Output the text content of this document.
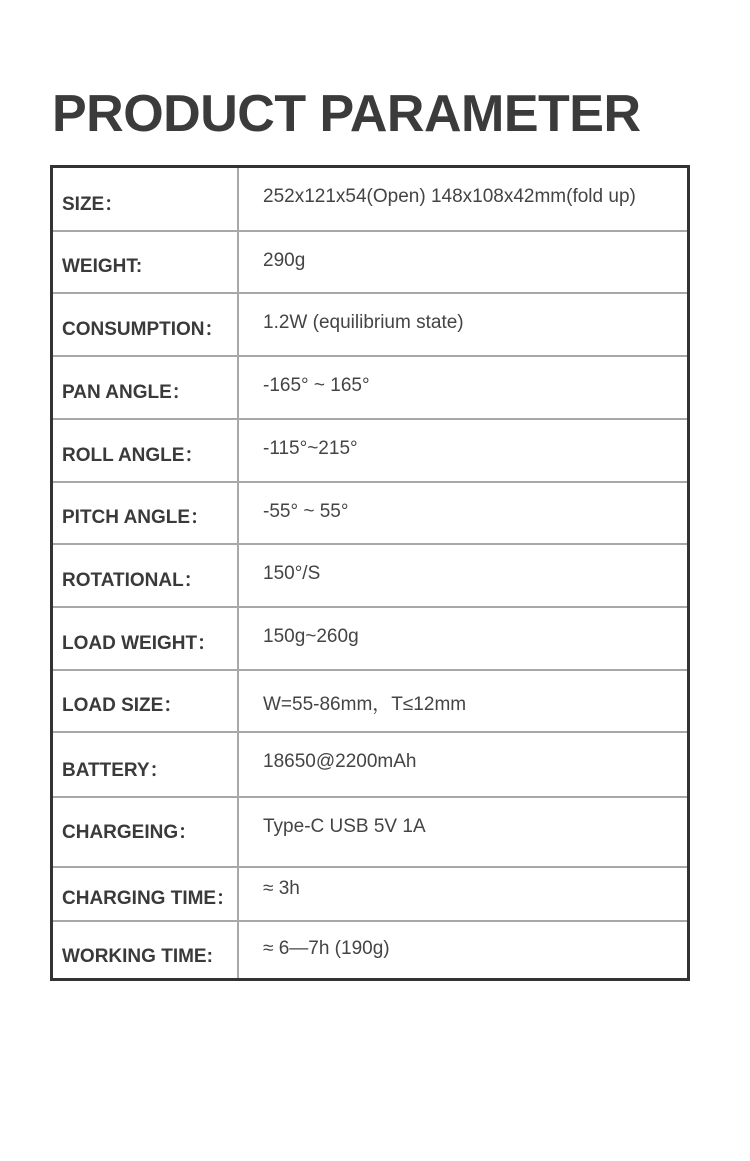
PRODUCT PARAMETER
SIZE：	252x121x54(Open) 148x108x42mm(fold up)
WEIGHT:	290g
CONSUMPTION：	1.2W (equilibrium state)
PAN ANGLE：	-165° ~ 165°
ROLL ANGLE：	-115°~215°
PITCH ANGLE：	-55° ~ 55°
ROTATIONAL：	150°/S
LOAD WEIGHT：	150g~260g
LOAD SIZE：	W=55-86mm，T≤12mm
BATTERY：	18650@2200mAh
CHARGEING：	Type-C USB 5V 1A
CHARGING TIME：	≈ 3h
WORKING TIME:	≈ 6—7h (190g)
